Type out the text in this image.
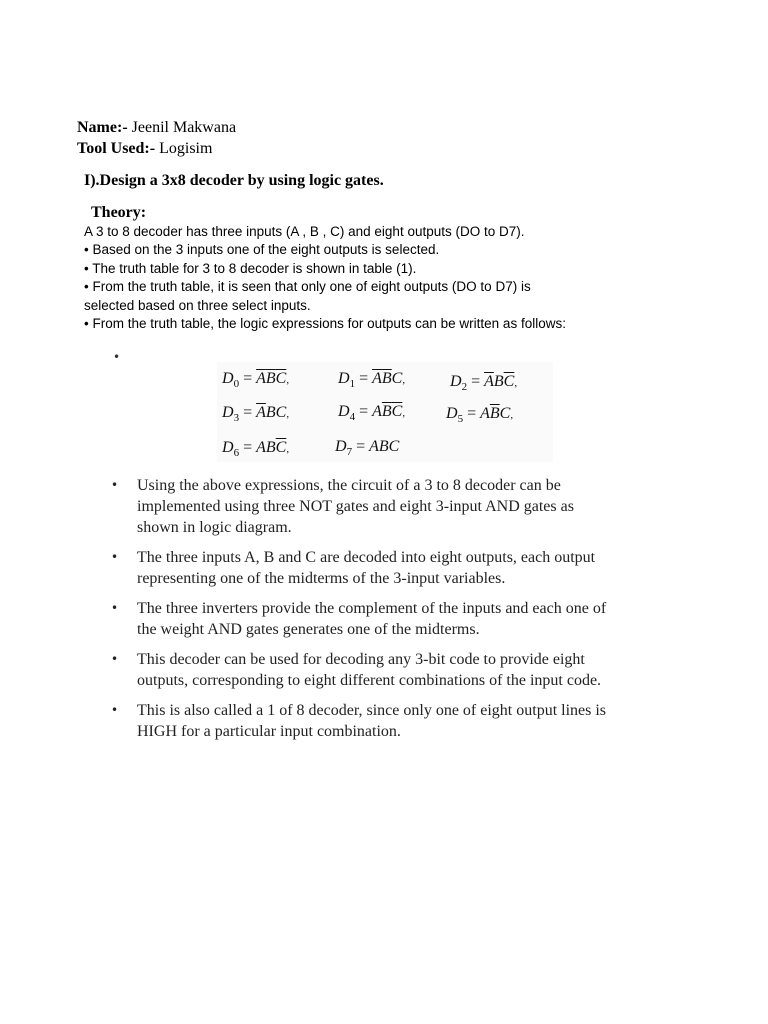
Name:- Jeenil Makwana
Tool Used:- Logisim
I).Design a 3x8 decoder by using logic gates.
Theory:
A 3 to 8 decoder has three inputs (A , B , C) and eight outputs (DO to D7).
• Based on the 3 inputs one of the eight outputs is selected.
• The truth table for 3 to 8 decoder is shown in table (1).
• From the truth table, it is seen that only one of eight outputs (DO to D7) is
selected based on three select inputs.
• From the truth table, the logic expressions for outputs can be written as follows:
•
$D_0 = \overline{A}\overline{B}\overline{C}$,	$D_1 = \overline{A}\overline{B}C$,	$D_2 = \overline{A}B\overline{C}$,
$D_3 = \overline{A}BC$,	$D_4 = A\overline{B}\overline{C}$,	$D_5 = A\overline{B}C$,
$D_6 = AB\overline{C}$,	$D_7$ = ABC
• Using the above expressions, the circuit of a 3 to 8 decoder can be implemented using three NOT gates and eight 3-input AND gates as shown in logic diagram.
• The three inputs A, B and C are decoded into eight outputs, each output representing one of the midterms of the 3-input variables.
• The three inverters provide the complement of the inputs and each one of the weight AND gates generates one of the midterms.
• This decoder can be used for decoding any 3-bit code to provide eight outputs, corresponding to eight different combinations of the input code.
• This is also called a 1 of 8 decoder, since only one of eight output lines is HIGH for a particular input combination.
